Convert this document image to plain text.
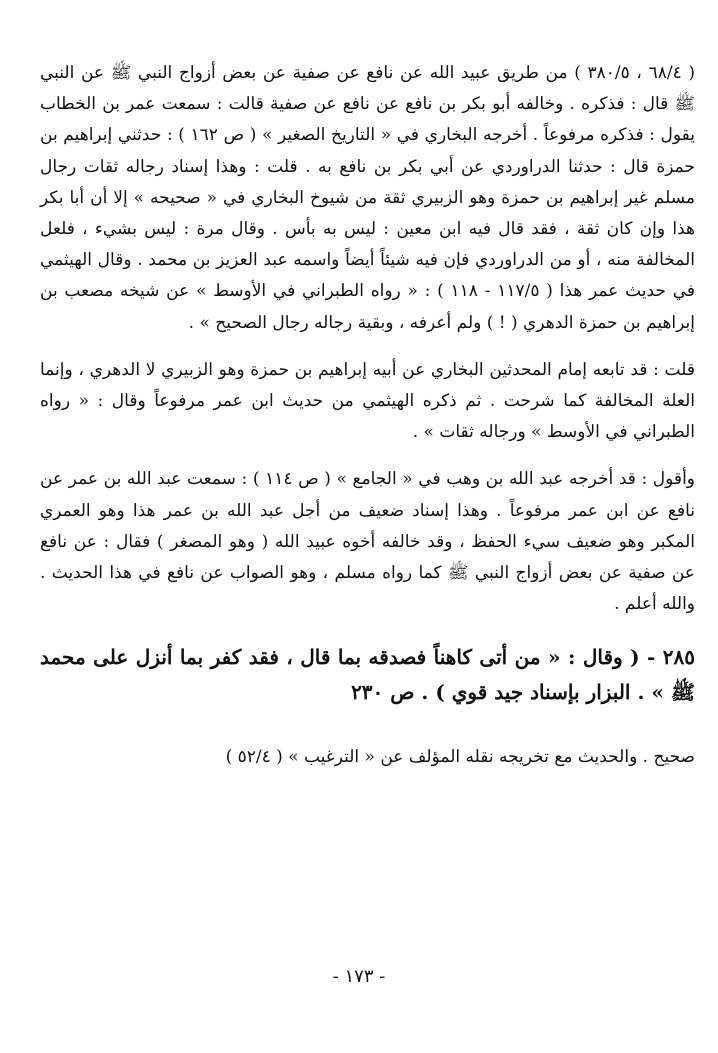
( ٦٨/٤ ، ٣٨٠/٥ ) من طريق عبيد الله عن نافع عن صفية عن بعض أزواج النبي ﷺ عن النبي ﷺ قال : فذكره . وخالفه أبو بكر بن نافع عن نافع عن صفية قالت : سمعت عمر بن الخطاب يقول : فذكره مرفوعاً . أخرجه البخاري في « التاريخ الصغير » ( ص ١٦٢ ) : حدثني إبراهيم بن حمزة قال : حدثنا الدراوردي عن أبي بكر بن نافع به . قلت : وهذا إسناد رجاله ثقات رجال مسلم غير إبراهيم بن حمزة وهو الزبيري ثقة من شيوخ البخاري في « صحيحه » إلا أن أبا بكر هذا وإن كان ثقة ، فقد قال فيه ابن معين : ليس به بأس . وقال مرة : ليس بشيء ، فلعل المخالفة منه ، أو من الدراوردي فإن فيه شيئاً أيضاً واسمه عبد العزيز بن محمد . وقال الهيثمي في حديث عمر هذا ( ١١٧/٥ - ١١٨ ) : « رواه الطبراني في الأوسط » عن شيخه مصعب بن إبراهيم بن حمزة الدهري ( ! ) ولم أعرفه ، وبقية رجاله رجال الصحيح » .

قلت : قد تابعه إمام المحدثين البخاري عن أبيه إبراهيم بن حمزة وهو الزبيري لا الدهري ، وإنما العلة المخالفة كما شرحت . ثم ذكره الهيثمي من حديث ابن عمر مرفوعاً وقال : « رواه الطبراني في الأوسط » ورجاله ثقات » .

وأقول : قد أخرجه عبد الله بن وهب في « الجامع » ( ص ١١٤ ) : سمعت عبد الله بن عمر عن نافع عن ابن عمر مرفوعاً . وهذا إسناد ضعيف من أجل عبد الله بن عمر هذا وهو العمري المكبر وهو ضعيف سيء الحفظ ، وقد خالفه أخوه عبيد الله ( وهو المصغر ) فقال : عن نافع عن صفية عن بعض أزواج النبي ﷺ كما رواه مسلم ، وهو الصواب عن نافع في هذا الحديث . والله أعلم .

٢٨٥ - ( وقال : « من أتى كاهناً فصدقه بما قال ، فقد كفر بما أنزل على محمد ﷺ » . البزار بإسناد جيد قوي ) . ص ٢٣٠

صحيح . والحديث مع تخريجه نقله المؤلف عن « الترغيب » ( ٥٢/٤ )

- ١٧٣ -
